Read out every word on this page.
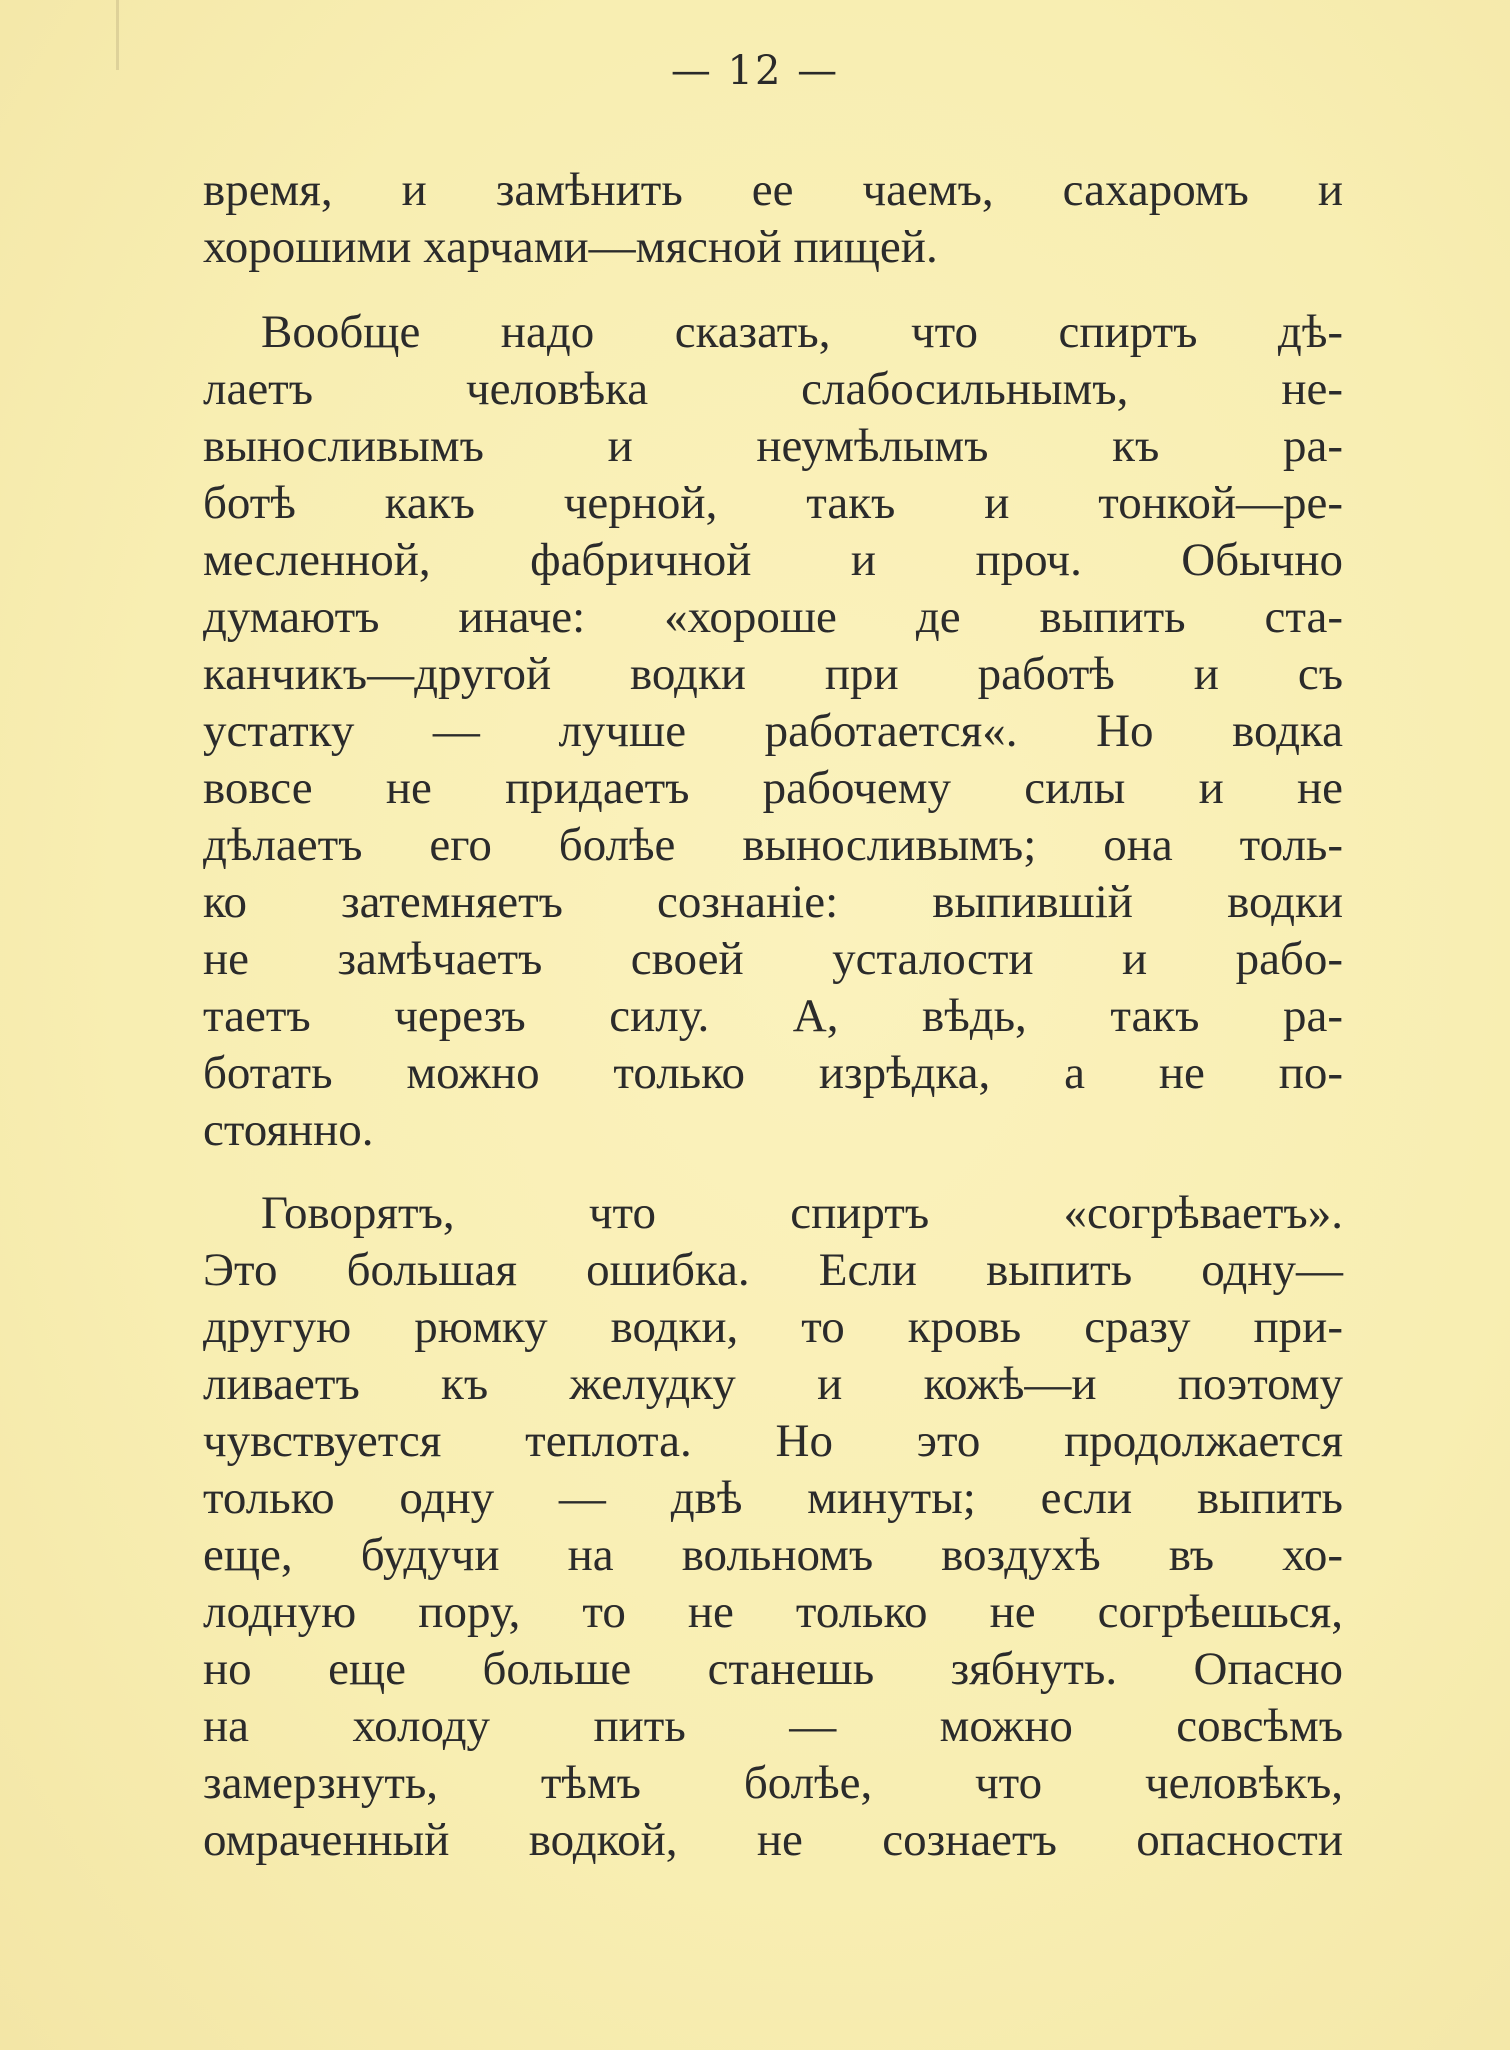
— 12 —
время, и замѣнить ее чаемъ, сахаромъ и
хорошими харчами—мясной пищей.
Вообще надо сказать, что спиртъ дѣ-
лаетъ человѣка слабосильнымъ, не-
выносливымъ и неумѣлымъ къ ра-
ботѣ какъ черной, такъ и тонкой—ре-
месленной, фабричной и проч. Обычно
думаютъ иначе: «хороше де выпить ста-
канчикъ—другой водки при работѣ и съ
устатку — лучше работается«. Но водка
вовсе не придаетъ рабочему силы и не
дѣлаетъ его болѣе выносливымъ; она толь-
ко затемняетъ сознанiе: выпившiй водки
не замѣчаетъ своей усталости и рабо-
таетъ черезъ силу. А, вѣдь, такъ ра-
ботать можно только изрѣдка, а не по-
стоянно.
Говорятъ, что спиртъ «согрѣваетъ».
Это большая ошибка. Если выпить одну—
другую рюмку водки, то кровь сразу при-
ливаетъ къ желудку и кожѣ—и поэтому
чувствуется теплота. Но это продолжается
только одну — двѣ минуты; если выпить
еще, будучи на вольномъ воздухѣ въ хо-
лодную пору, то не только не согрѣешься,
но еще больше станешь зябнуть. Опасно
на холоду пить — можно совсѣмъ
замерзнуть, тѣмъ болѣе, что человѣкъ,
омраченный водкой, не сознаетъ опасности
